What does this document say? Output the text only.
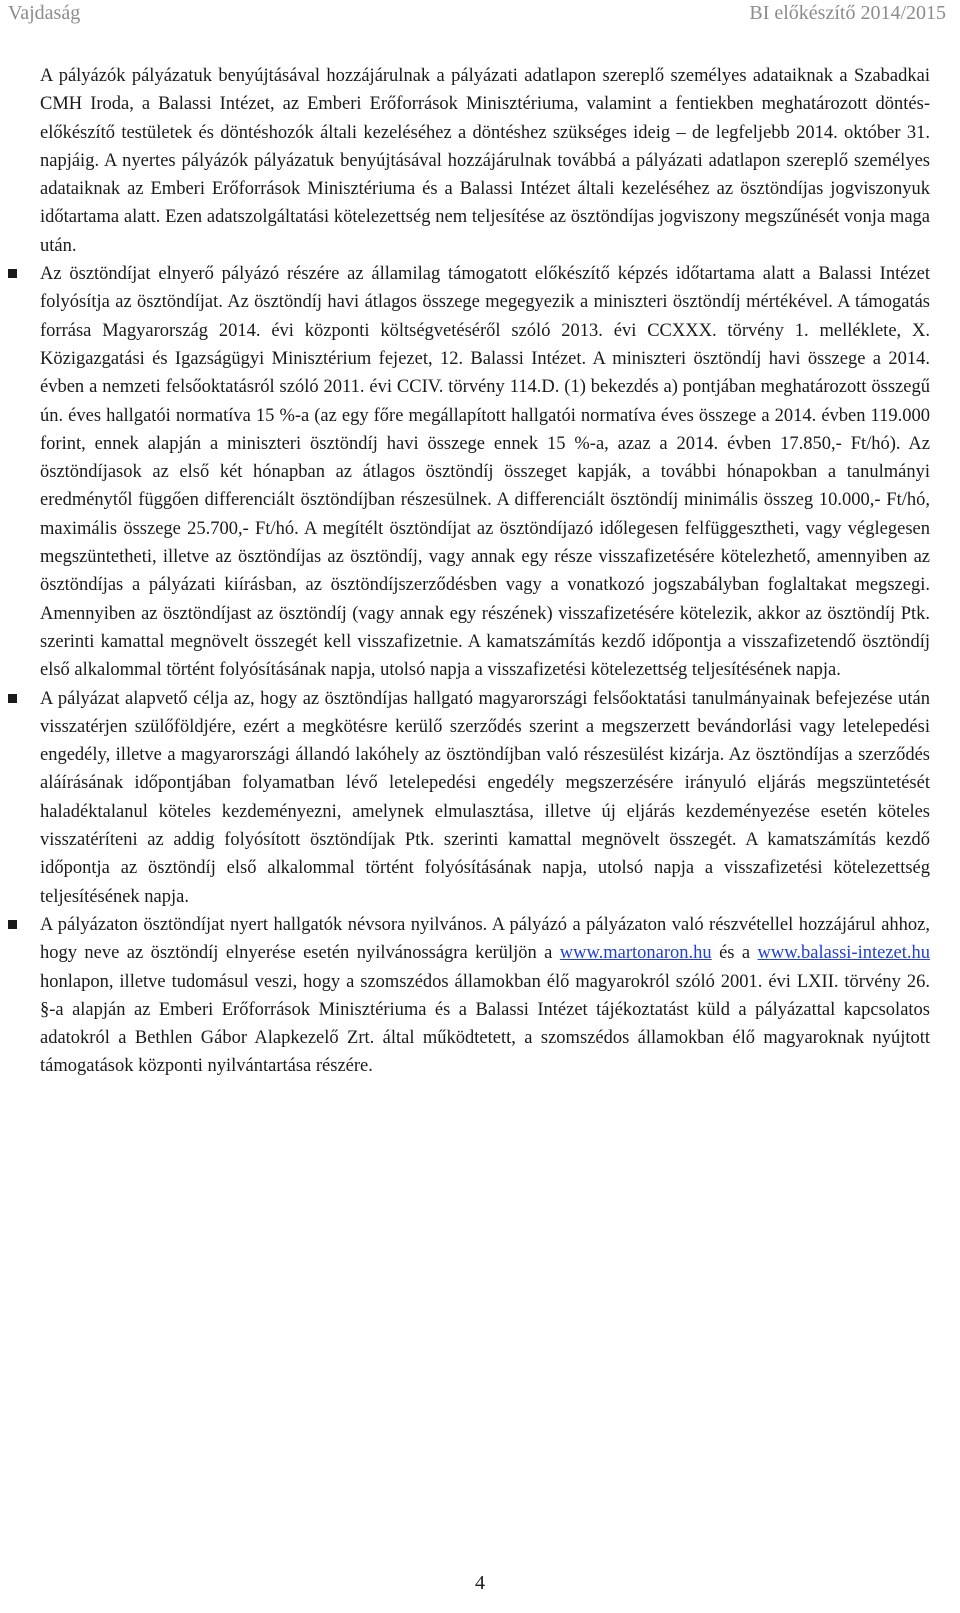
Vajdaság	BI előkészítő 2014/2015

A pályázók pályázatuk benyújtásával hozzájárulnak a pályázati adatlapon szereplő személyes adataiknak a Szabadkai CMH Iroda, a Balassi Intézet, az Emberi Erőforrások Minisztériuma, valamint a fentiekben meghatározott döntés-előkészítő testületek és döntéshozók általi kezeléséhez a döntéshez szükséges ideig – de legfeljebb 2014. október 31. napjáig. A nyertes pályázók pályázatuk benyújtásával hozzájárulnak továbbá a pályázati adatlapon szereplő személyes adataiknak az Emberi Erőforrások Minisztériuma és a Balassi Intézet általi kezeléséhez az ösztöndíjas jogviszonyuk időtartama alatt. Ezen adatszolgáltatási kötelezettség nem teljesítése az ösztöndíjas jogviszony megszűnését vonja maga után.

Az ösztöndíjat elnyerő pályázó részére az államilag támogatott előkészítő képzés időtartama alatt a Balassi Intézet folyósítja az ösztöndíjat. Az ösztöndíj havi átlagos összege megegyezik a miniszteri ösztöndíj mértékével. A támogatás forrása Magyarország 2014. évi központi költségvetéséről szóló 2013. évi CCXXX. törvény 1. melléklete, X. Közigazgatási és Igazságügyi Minisztérium fejezet, 12. Balassi Intézet. A miniszteri ösztöndíj havi összege a 2014. évben a nemzeti felsőoktatásról szóló 2011. évi CCIV. törvény 114.D. (1) bekezdés a) pontjában meghatározott összegű ún. éves hallgatói normatíva 15 %-a (az egy főre megállapított hallgatói normatíva éves összege a 2014. évben 119.000 forint, ennek alapján a miniszteri ösztöndíj havi összege ennek 15 %-a, azaz a 2014. évben 17.850,- Ft/hó). Az ösztöndíjasok az első két hónapban az átlagos ösztöndíj összeget kapják, a további hónapokban a tanulmányi eredménytől függően differenciált ösztöndíjban részesülnek. A differenciált ösztöndíj minimális összeg 10.000,- Ft/hó, maximális összege 25.700,- Ft/hó. A megítélt ösztöndíjat az ösztöndíjazó időlegesen felfüggesztheti, vagy véglegesen megszüntetheti, illetve az ösztöndíjas az ösztöndíj, vagy annak egy része visszafizetésére kötelezhető, amennyiben az ösztöndíjas a pályázati kiírásban, az ösztöndíjszerződésben vagy a vonatkozó jogszabályban foglaltakat megszegi. Amennyiben az ösztöndíjast az ösztöndíj (vagy annak egy részének) visszafizetésére kötelezik, akkor az ösztöndíj Ptk. szerinti kamattal megnövelt összegét kell visszafizetnie. A kamatszámítás kezdő időpontja a visszafizetendő ösztöndíj első alkalommal történt folyósításának napja, utolsó napja a visszafizetési kötelezettség teljesítésének napja.

A pályázat alapvető célja az, hogy az ösztöndíjas hallgató magyarországi felsőoktatási tanulmányainak befejezése után visszatérjen szülőföldjére, ezért a megkötésre kerülő szerződés szerint a megszerzett bevándorlási vagy letelepedési engedély, illetve a magyarországi állandó lakóhely az ösztöndíjban való részesülést kizárja. Az ösztöndíjas a szerződés aláírásának időpontjában folyamatban lévő letelepedési engedély megszerzésére irányuló eljárás megszüntetését haladéktalanul köteles kezdeményezni, amelynek elmulasztása, illetve új eljárás kezdeményezése esetén köteles visszatéríteni az addig folyósított ösztöndíjak Ptk. szerinti kamattal megnövelt összegét. A kamatszámítás kezdő időpontja az ösztöndíj első alkalommal történt folyósításának napja, utolsó napja a visszafizetési kötelezettség teljesítésének napja.

A pályázaton ösztöndíjat nyert hallgatók névsora nyilvános. A pályázó a pályázaton való részvétellel hozzájárul ahhoz, hogy neve az ösztöndíj elnyerése esetén nyilvánosságra kerüljön a www.martonaron.hu és a www.balassi-intezet.hu honlapon, illetve tudomásul veszi, hogy a szomszédos államokban élő magyarokról szóló 2001. évi LXII. törvény 26. §-a alapján az Emberi Erőforrások Minisztériuma és a Balassi Intézet tájékoztatást küld a pályázattal kapcsolatos adatokról a Bethlen Gábor Alapkezelő Zrt. által működtetett, a szomszédos államokban élő magyaroknak nyújtott támogatások központi nyilvántartása részére.

4
